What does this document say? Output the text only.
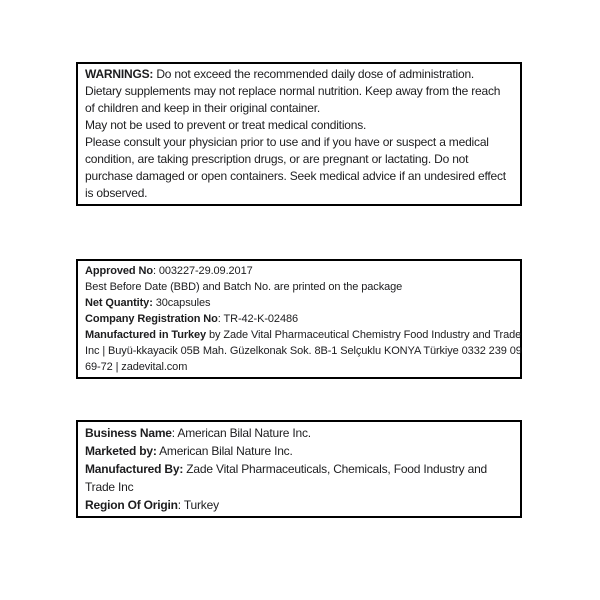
WARNINGS: Do not exceed the recommended daily dose of administration.
Dietary supplements may not replace normal nutrition. Keep away from the reach
of children and keep in their original container.
May not be used to prevent or treat medical conditions.
Please consult your physician prior to use and if you have or suspect a medical
condition, are taking prescription drugs, or are pregnant or lactating. Do not
purchase damaged or open containers. Seek medical advice if an undesired effect
is observed.
Approved No: 003227-29.09.2017
Best Before Date (BBD) and Batch No. are printed on the package
Net Quantity: 30capsules
Company Registration No: TR-42-K-02486
Manufactured in Turkey by Zade Vital Pharmaceutical Chemistry Food Industry and Trade
Inc | Buyü-kkayacik 05B Mah. Güzelkonak Sok. 8B-1 Selçuklu KONYA Türkiye 0332 239 09
69-72 | zadevital.com
Business Name: American Bilal Nature Inc.
Marketed by: American Bilal Nature Inc.
Manufactured By: Zade Vital Pharmaceuticals, Chemicals, Food Industry and
Trade Inc
Region Of Origin: Turkey
